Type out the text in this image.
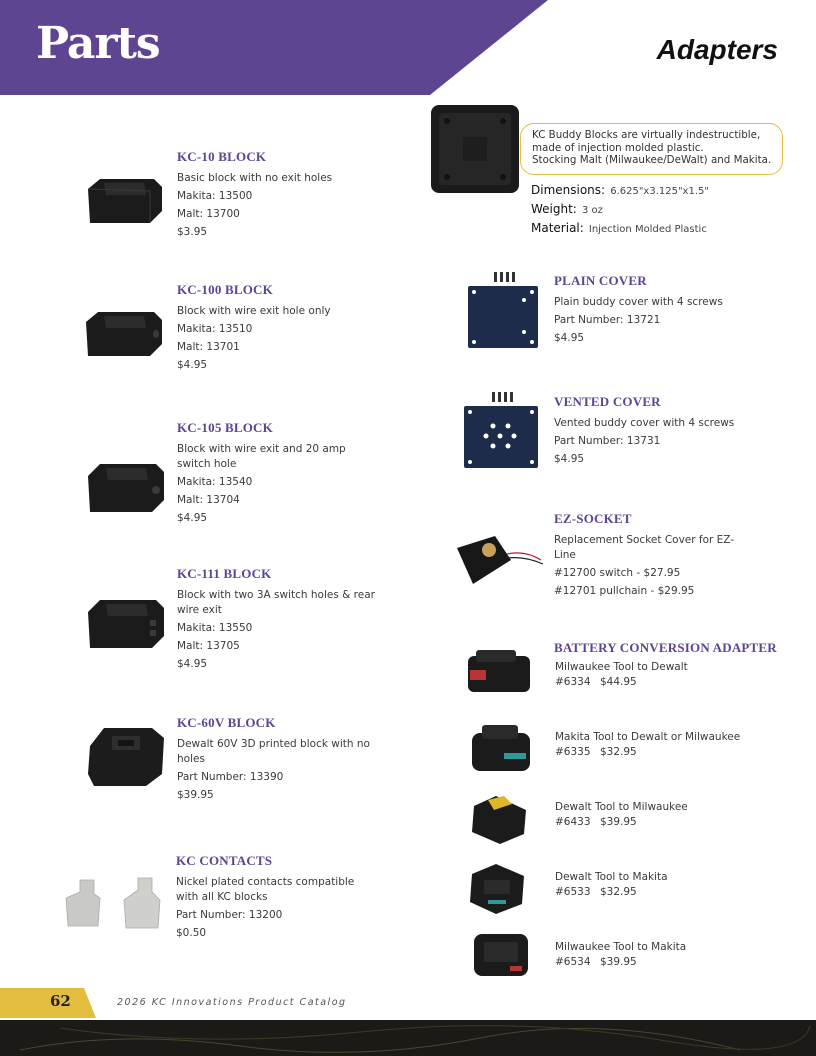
Parts	Adapters
KC-10 BLOCK

Basic block with no exit holes

Makita: 13500

Malt: 13700

$3.95

KC-100 BLOCK

Block with wire exit hole only

Makita: 13510

Malt: 13701

$4.95

KC-105 BLOCK

Block with wire exit and 20 amp switch hole

Makita: 13540

Malt: 13704

$4.95

KC-111 BLOCK

Block with two 3A switch holes & rear wire exit

Makita: 13550

Malt: 13705

$4.95

KC-60V BLOCK

Dewalt 60V 3D printed block with no holes

Part Number: 13390

$39.95

KC CONTACTS

Nickel plated contacts compatible with all KC blocks

Part Number: 13200

$0.50

KC Buddy Blocks are virtually indestructible,

made of injection molded plastic.

Stocking Malt (Milwaukee/DeWalt) and Makita.

Dimensions: 6.625"x3.125"x1.5"
Weight: 3 oz
Material: Injection Molded Plastic
PLAIN COVER

Plain buddy cover with 4 screws

Part Number: 13721

$4.95

VENTED COVER

Vented buddy cover with 4 screws

Part Number: 13731

$4.95

EZ-SOCKET

Replacement Socket Cover for EZ-Line

#12700 switch - $27.95

#12701 pullchain - $29.95

BATTERY CONVERSION ADAPTER
Milwaukee Tool to Dewalt
#6334 $44.95
Makita Tool to Dewalt or Milwaukee
#6335 $32.95
Dewalt Tool to Milwaukee
#6433 $39.95
Dewalt Tool to Makita
#6533 $32.95
Milwaukee Tool to Makita
#6534 $39.95
62	2026 KC Innovations Product Catalog
